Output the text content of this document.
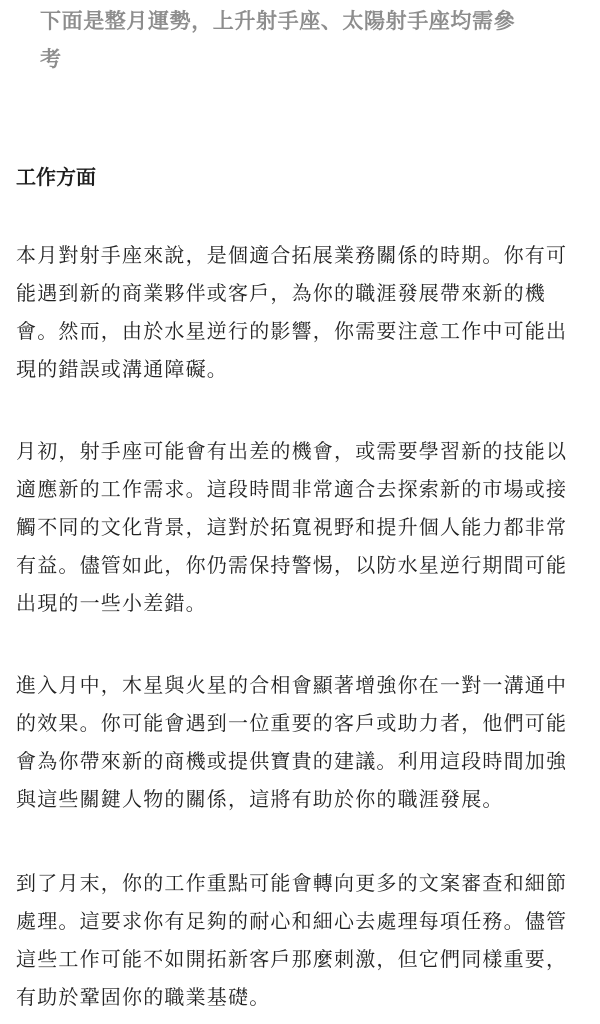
下面是整月運勢，上升射手座、太陽射手座均需參
考

工作方面

本月對射手座來說，是個適合拓展業務關係的時期。你有可
能遇到新的商業夥伴或客戶，為你的職涯發展帶來新的機
會。然而，由於水星逆行的影響，你需要注意工作中可能出
現的錯誤或溝通障礙。

月初，射手座可能會有出差的機會，或需要學習新的技能以
適應新的工作需求。這段時間非常適合去探索新的市場或接
觸不同的文化背景，這對於拓寬視野和提升個人能力都非常
有益。儘管如此，你仍需保持警惕，以防水星逆行期間可能
出現的一些小差錯。

進入月中，木星與火星的合相會顯著增強你在一對一溝通中
的效果。你可能會遇到一位重要的客戶或助力者，他們可能
會為你帶來新的商機或提供寶貴的建議。利用這段時間加強
與這些關鍵人物的關係，這將有助於你的職涯發展。

到了月末，你的工作重點可能會轉向更多的文案審查和細節
處理。這要求你有足夠的耐心和細心去處理每項任務。儘管
這些工作可能不如開拓新客戶那麼刺激，但它們同樣重要，
有助於鞏固你的職業基礎。
